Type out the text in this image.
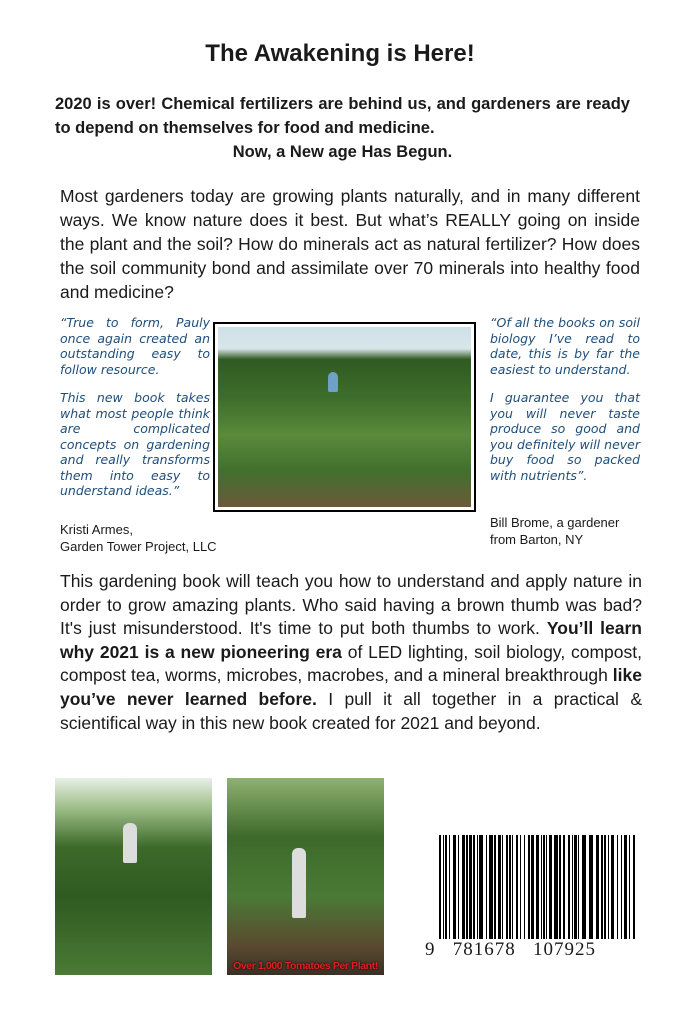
The Awakening is Here!
2020 is over! Chemical fertilizers are behind us, and gardeners are ready to depend on themselves for food and medicine.
Now, a New age Has Begun.
Most gardeners today are growing plants naturally, and in many different ways. We know nature does it best. But what’s REALLY going on inside the plant and the soil? How do minerals act as natural fertilizer? How does the soil community bond and assimilate over 70 minerals into healthy food and medicine?

“True to form, Pauly once again created an outstanding easy to follow resource.

This new book takes what most people think are complicated concepts on gardening and really transforms them into easy to understand ideas.”

Kristi Armes,
Garden Tower Project, LLC

“Of all the books on soil biology I’ve read to date, this is by far the easiest to understand.

I guarantee you that you will never taste produce so good and you definitely will never buy food so packed with nutrients”.

Bill Brome, a gardener
from Barton, NY
This gardening book will teach you how to understand and apply nature in order to grow amazing plants. Who said having a brown thumb was bad? It's just misunderstood. It's time to put both thumbs to work. You’ll learn why 2021 is a new pioneering era of LED lighting, soil biology, compost, compost tea, worms, microbes, macrobes, and a mineral breakthrough like you’ve never learned before. I pull it all together in a practical & scientifical way in this new book created for 2021 and beyond.
Over 1,000 Tomatoes Per Plant!
9 781678 107925
